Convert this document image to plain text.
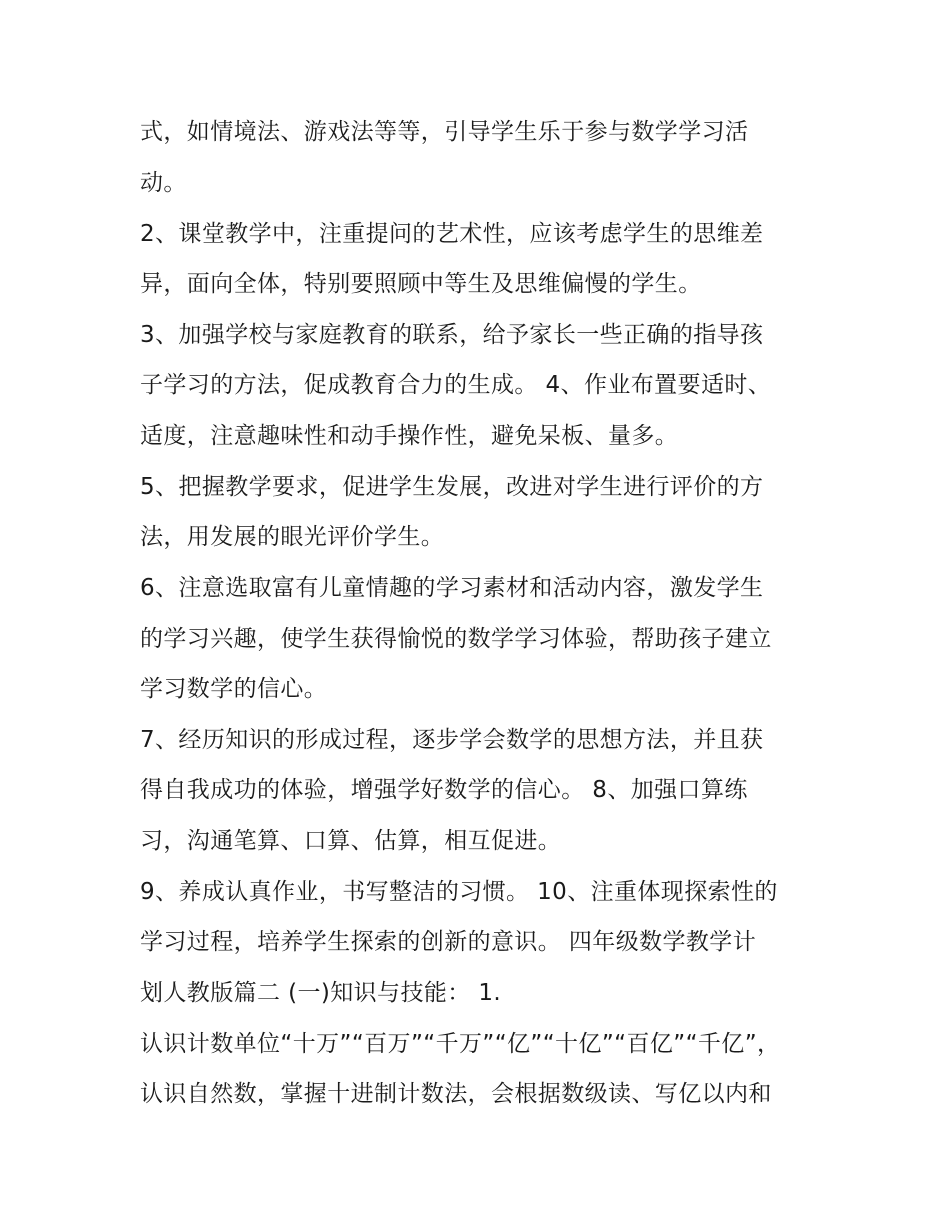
式，如情境法、游戏法等等，引导学生乐于参与数学学习活
动。
2、课堂教学中，注重提问的艺术性，应该考虑学生的思维差
异，面向全体，特别要照顾中等生及思维偏慢的学生。
3、加强学校与家庭教育的联系，给予家长一些正确的指导孩
子学习的方法，促成教育合力的生成。 4、作业布置要适时、
适度，注意趣味性和动手操作性，避免呆板、量多。
5、把握教学要求，促进学生发展，改进对学生进行评价的方
法，用发展的眼光评价学生。
6、注意选取富有儿童情趣的学习素材和活动内容，激发学生
的学习兴趣，使学生获得愉悦的数学学习体验，帮助孩子建立
学习数学的信心。
7、经历知识的形成过程，逐步学会数学的思想方法，并且获
得自我成功的体验，增强学好数学的信心。 8、加强口算练
习，沟通笔算、口算、估算，相互促进。
9、养成认真作业，书写整洁的习惯。 10、注重体现探索性的
学习过程，培养学生探索的创新的意识。 四年级数学教学计
划人教版篇二 (一)知识与技能： 1.
认识计数单位“十万”“百万”“千万”“亿”“十亿”“百亿”“千亿”，
认识自然数，掌握十进制计数法，会根据数级读、写亿以内和
